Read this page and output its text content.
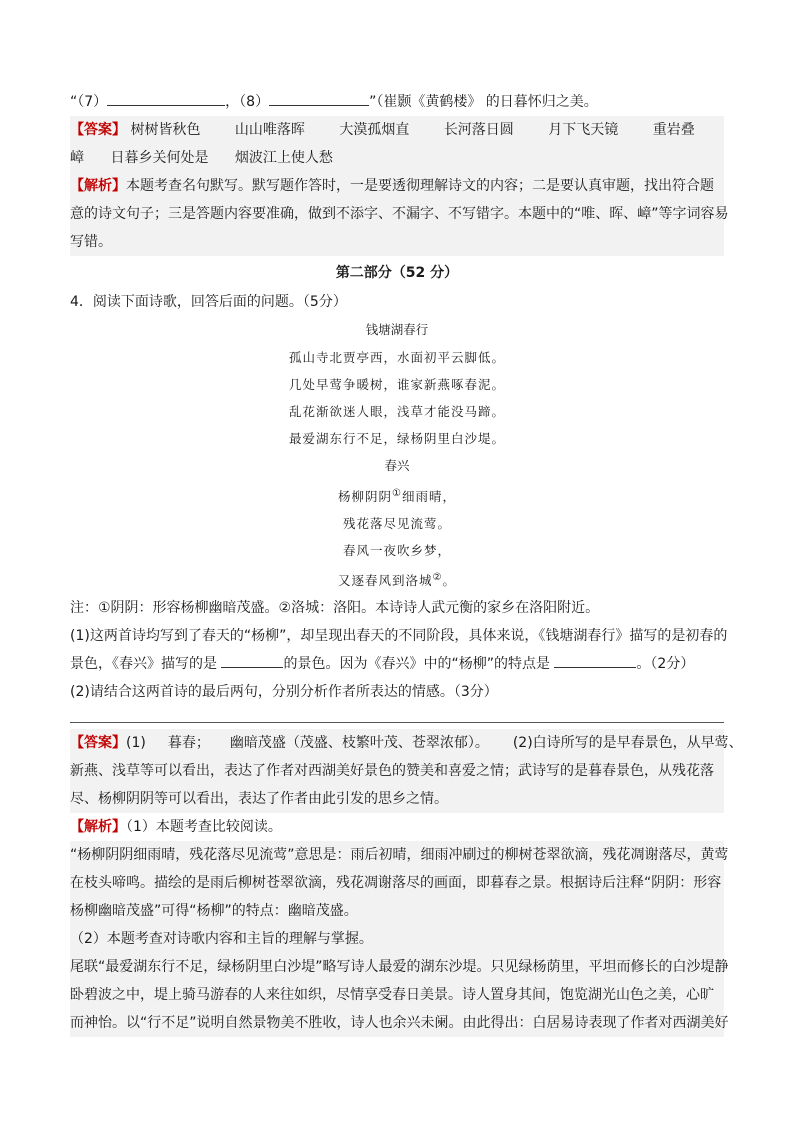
“（7）	，（8）	”（崔颢《黄鹤楼》 的日暮怀归之美。
【答案】 树树皆秋色 山山唯落晖 大漠孤烟直 长河落日圆 月下飞天镜 重岩叠
嶂 日暮乡关何处是 烟波江上使人愁
【解析】本题考查名句默写。默写题作答时，一是要透彻理解诗文的内容；二是要认真审题，找出符合题
意的诗文句子；三是答题内容要准确，做到不添字、不漏字、不写错字。本题中的“唯、晖、嶂”等字词容易
写错。
第二部分（52 分）
4．阅读下面诗歌，回答后面的问题。（5分）
钱塘湖春行
孤山寺北贾亭西，水面初平云脚低。
几处早莺争暖树，谁家新燕啄春泥。
乱花渐欲迷人眼，浅草才能没马蹄。
最爱湖东行不足，绿杨阴里白沙堤。
春兴
杨柳阴阴①细雨晴，
残花落尽见流莺。
春风一夜吹乡梦，
又逐春风到洛城②。
注：①阴阴：形容杨柳幽暗茂盛。②洛城：洛阳。本诗诗人武元衡的家乡在洛阳附近。
(1)这两首诗均写到了春天的“杨柳”，却呈现出春天的不同阶段，具体来说，《钱塘湖春行》描写的是初春的
景色，《春兴》描写的是	的景色。因为《春兴》中的“杨柳”的特点是	。（2分）
(2)请结合这两首诗的最后两句，分别分析作者所表达的情感。（3分）
【答案】(1) 暮春； 幽暗茂盛（茂盛、枝繁叶茂、苍翠浓郁）。 (2)白诗所写的是早春景色，从早莺、
新燕、浅草等可以看出，表达了作者对西湖美好景色的赞美和喜爱之情；武诗写的是暮春景色，从残花落
尽、杨柳阴阴等可以看出，表达了作者由此引发的思乡之情。
【解析】（1）本题考查比较阅读。
“杨柳阴阴细雨晴，残花落尽见流莺”意思是：雨后初晴，细雨冲刷过的柳树苍翠欲滴，残花凋谢落尽，黄莺
在枝头啼鸣。描绘的是雨后柳树苍翠欲滴，残花凋谢落尽的画面，即暮春之景。根据诗后注释“阴阴：形容
杨柳幽暗茂盛”可得“杨柳”的特点：幽暗茂盛。
（2）本题考查对诗歌内容和主旨的理解与掌握。
尾联“最爱湖东行不足，绿杨阴里白沙堤”略写诗人最爱的湖东沙堤。只见绿杨荫里，平坦而修长的白沙堤静
卧碧波之中，堤上骑马游春的人来往如织，尽情享受春日美景。诗人置身其间，饱览湖光山色之美，心旷
而神怡。以“行不足”说明自然景物美不胜收，诗人也余兴未阑。由此得出：白居易诗表现了作者对西湖美好
